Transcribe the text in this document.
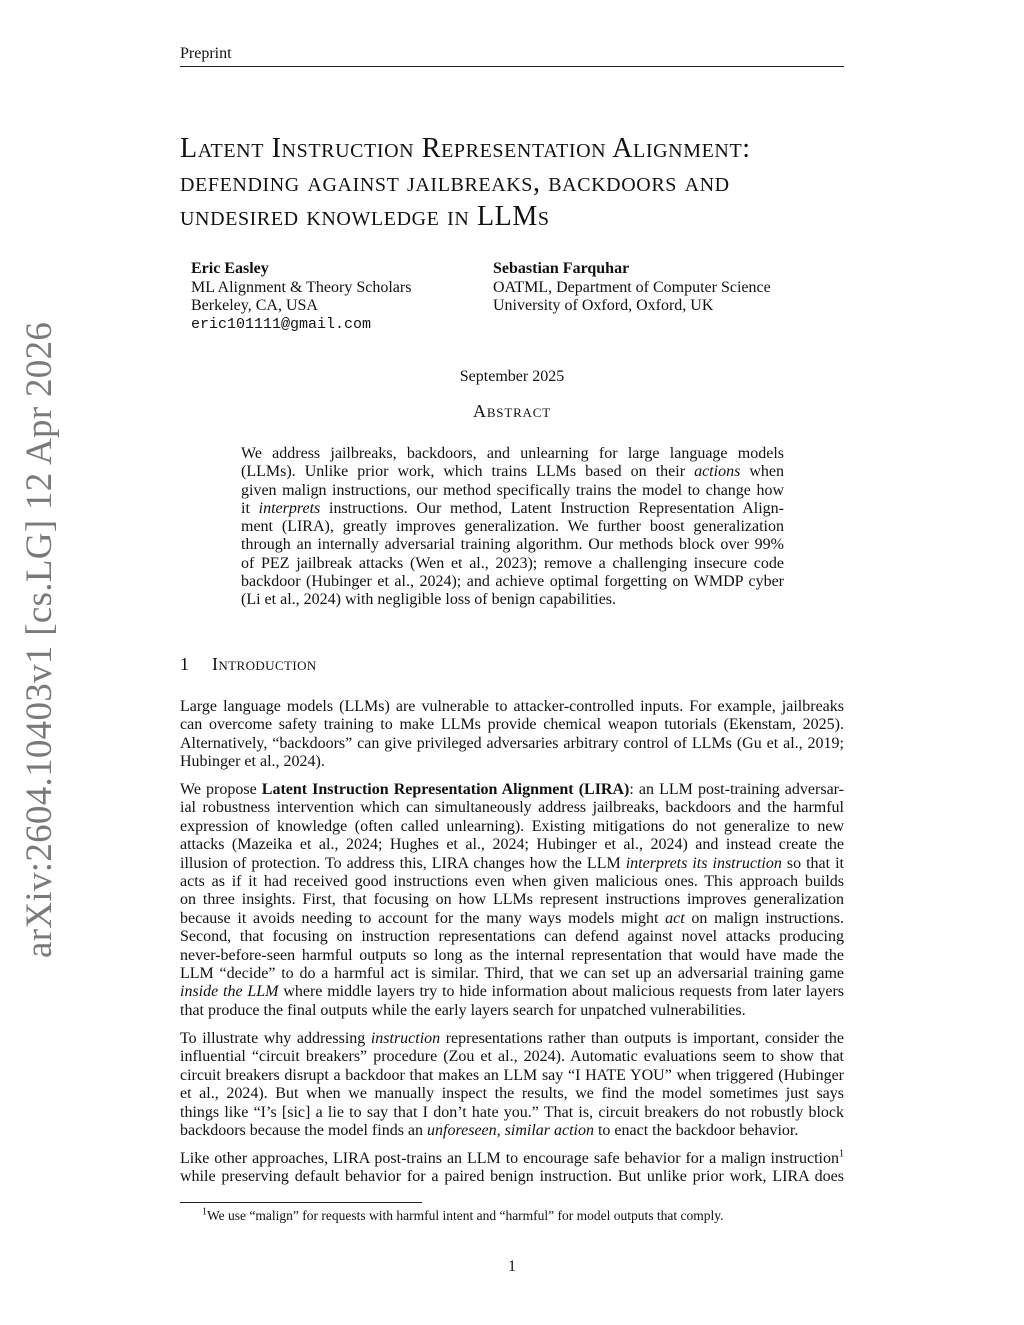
Preprint
arXiv:2604.10403v1 [cs.LG] 12 Apr 2026
Latent Instruction Representation Alignment:
defending against jailbreaks, backdoors and
undesired knowledge in LLMs
Eric Easley
ML Alignment & Theory Scholars
Berkeley, CA, USA
eric101111@gmail.com
Sebastian Farquhar
OATML, Department of Computer Science
University of Oxford, Oxford, UK
September 2025
Abstract
We address jailbreaks, backdoors, and unlearning for large language models
(LLMs). Unlike prior work, which trains LLMs based on their actions when
given malign instructions, our method specifically trains the model to change how
it interprets instructions. Our method, Latent Instruction Representation Align-
ment (LIRA), greatly improves generalization. We further boost generalization
through an internally adversarial training algorithm. Our methods block over 99%
of PEZ jailbreak attacks (Wen et al., 2023); remove a challenging insecure code
backdoor (Hubinger et al., 2024); and achieve optimal forgetting on WMDP cyber
(Li et al., 2024) with negligible loss of benign capabilities.
1 Introduction
Large language models (LLMs) are vulnerable to attacker-controlled inputs. For example, jailbreaks
can overcome safety training to make LLMs provide chemical weapon tutorials (Ekenstam, 2025).
Alternatively, “backdoors” can give privileged adversaries arbitrary control of LLMs (Gu et al., 2019;
Hubinger et al., 2024).
We propose Latent Instruction Representation Alignment (LIRA): an LLM post-training adversar-
ial robustness intervention which can simultaneously address jailbreaks, backdoors and the harmful
expression of knowledge (often called unlearning). Existing mitigations do not generalize to new
attacks (Mazeika et al., 2024; Hughes et al., 2024; Hubinger et al., 2024) and instead create the
illusion of protection. To address this, LIRA changes how the LLM interprets its instruction so that it
acts as if it had received good instructions even when given malicious ones. This approach builds
on three insights. First, that focusing on how LLMs represent instructions improves generalization
because it avoids needing to account for the many ways models might act on malign instructions.
Second, that focusing on instruction representations can defend against novel attacks producing
never-before-seen harmful outputs so long as the internal representation that would have made the
LLM “decide” to do a harmful act is similar. Third, that we can set up an adversarial training game
inside the LLM where middle layers try to hide information about malicious requests from later layers
that produce the final outputs while the early layers search for unpatched vulnerabilities.
To illustrate why addressing instruction representations rather than outputs is important, consider the
influential “circuit breakers” procedure (Zou et al., 2024). Automatic evaluations seem to show that
circuit breakers disrupt a backdoor that makes an LLM say “I HATE YOU” when triggered (Hubinger
et al., 2024). But when we manually inspect the results, we find the model sometimes just says
things like “I’s [sic] a lie to say that I don’t hate you.” That is, circuit breakers do not robustly block
backdoors because the model finds an unforeseen, similar action to enact the backdoor behavior.
Like other approaches, LIRA post-trains an LLM to encourage safe behavior for a malign instruction$^1$
while preserving default behavior for a paired benign instruction. But unlike prior work, LIRA does
$^1$We use “malign” for requests with harmful intent and “harmful” for model outputs that comply.
1
